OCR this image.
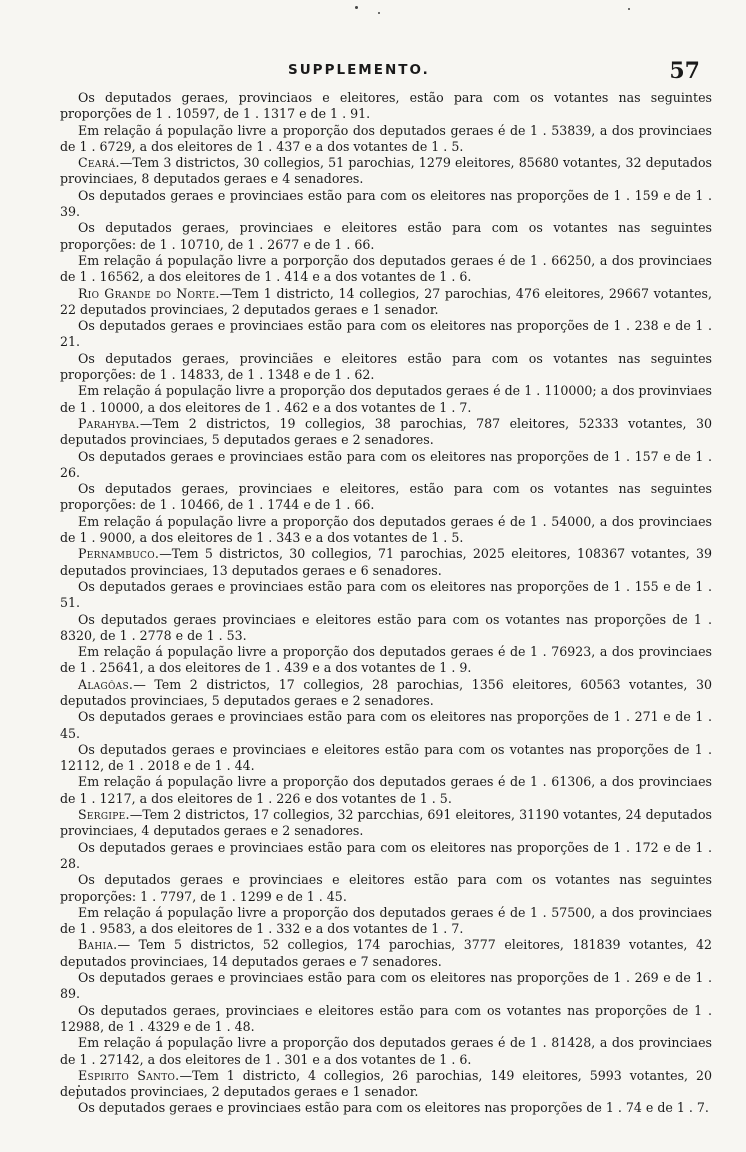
SUPPLEMENTO.	57

Os deputados geraes, provinciaos e eleitores, estão para com os votantes nas seguintes proporções de 1 . 10597, de 1 . 1317 e de 1 . 91.

Em relação á população livre a proporção dos deputados geraes é de 1 . 53839, a dos provinciaes de 1 . 6729, a dos eleitores de 1 . 437 e a dos votantes de 1 . 5.

Ceará.—Tem 3 districtos, 30 collegios, 51 parochias, 1279 eleitores, 85680 votantes, 32 deputados provinciaes, 8 deputados geraes e 4 senadores.

Os deputados geraes e provinciaes estão para com os eleitores nas proporções de 1 . 159 e de 1 . 39.

Os deputados geraes, provinciaes e eleitores estão para com os votantes nas seguintes proporções: de 1 . 10710, de 1 . 2677 e de 1 . 66.

Em relação á população livre a porporção dos deputados geraes é de 1 . 66250, a dos provinciaes de 1 . 16562, a dos eleitores de 1 . 414 e a dos votantes de 1 . 6.

Rio Grande do Norte.—Tem 1 districto, 14 collegios, 27 parochias, 476 eleitores, 29667 votantes, 22 deputados provinciaes, 2 deputados geraes e 1 senador.

Os deputados geraes e provinciaes estão para com os eleitores nas proporções de 1 . 238 e de 1 . 21.

Os deputados geraes, provinciães e eleitores estão para com os votantes nas seguintes proporções: de 1 . 14833, de 1 . 1348 e de 1 . 62.

Em relação á população livre a proporção dos deputados geraes é de 1 . 110000; a dos provinviaes de 1 . 10000, a dos eleitores de 1 . 462 e a dos votantes de 1 . 7.

Parahyba.—Tem 2 districtos, 19 collegios, 38 parochias, 787 eleitores, 52333 votantes, 30 deputados provinciaes, 5 deputados geraes e 2 senadores.

Os deputados geraes e provinciaes estão para com os eleitores nas proporções de 1 . 157 e de 1 . 26.

Os deputados geraes, provinciaes e eleitores, estão para com os votantes nas seguintes proporções: de 1 . 10466, de 1 . 1744 e de 1 . 66.

Em relação á população livre a proporção dos deputados geraes é de 1 . 54000, a dos provinciaes de 1 . 9000, a dos eleitores de 1 . 343 e a dos votantes de 1 . 5.

Pernambuco.—Tem 5 districtos, 30 collegios, 71 parochias, 2025 eleitores, 108367 votantes, 39 deputados provinciaes, 13 deputados geraes e 6 senadores.

Os deputados geraes e provinciaes estão para com os eleitores nas proporções de 1 . 155 e de 1 . 51.

Os deputados geraes provinciaes e eleitores estão para com os votantes nas proporções de 1 . 8320, de 1 . 2778 e de 1 . 53.

Em relação á população livre a proporção dos deputados geraes é de 1 . 76923, a dos provinciaes de 1 . 25641, a dos eleitores de 1 . 439 e a dos votantes de 1 . 9.

Alagôas.— Tem 2 districtos, 17 collegios, 28 parochias, 1356 eleitores, 60563 votantes, 30 deputados provinciaes, 5 deputados geraes e 2 senadores.

Os deputados geraes e provinciaes estão para com os eleitores nas proporções de 1 . 271 e de 1 . 45.

Os deputados geraes e provinciaes e eleitores estão para com os votantes nas proporções de 1 . 12112, de 1 . 2018 e de 1 . 44.

Em relação á população livre a proporção dos deputados geraes é de 1 . 61306, a dos provinciaes de 1 . 1217, a dos eleitores de 1 . 226 e dos votantes de 1 . 5.

Sergipe.—Tem 2 districtos, 17 collegios, 32 parcchias, 691 eleitores, 31190 votantes, 24 deputados provinciaes, 4 deputados geraes e 2 senadores.

Os deputados geraes e provinciaes estão para com os eleitores nas proporções de 1 . 172 e de 1 . 28.

Os deputados geraes e provinciaes e eleitores estão para com os votantes nas seguintes proporções: 1 . 7797, de 1 . 1299 e de 1 . 45.

Em relação á população livre a proporção dos deputados geraes é de 1 . 57500, a dos provinciaes de 1 . 9583, a dos eleitores de 1 . 332 e a dos votantes de 1 . 7.

Bahia.— Tem 5 districtos, 52 collegios, 174 parochias, 3777 eleitores, 181839 votantes, 42 deputados provinciaes, 14 deputados geraes e 7 senadores.

Os deputados geraes e provinciaes estão para com os eleitores nas proporções de 1 . 269 e de 1 . 89.

Os deputados geraes, provinciaes e eleitores estão para com os votantes nas proporções de 1 . 12988, de 1 . 4329 e de 1 . 48.

Em relação á população livre a proporção dos deputados geraes é de 1 . 81428, a dos provinciaes de 1 . 27142, a dos eleitores de 1 . 301 e a dos votantes de 1 . 6.

Espirito Santo.—Tem 1 districto, 4 collegios, 26 parochias, 149 eleitores, 5993 votantes, 20 deputados provinciaes, 2 deputados geraes e 1 senador.

Os deputados geraes e provinciaes estão para com os eleitores nas proporções de 1 . 74 e de 1 . 7.
